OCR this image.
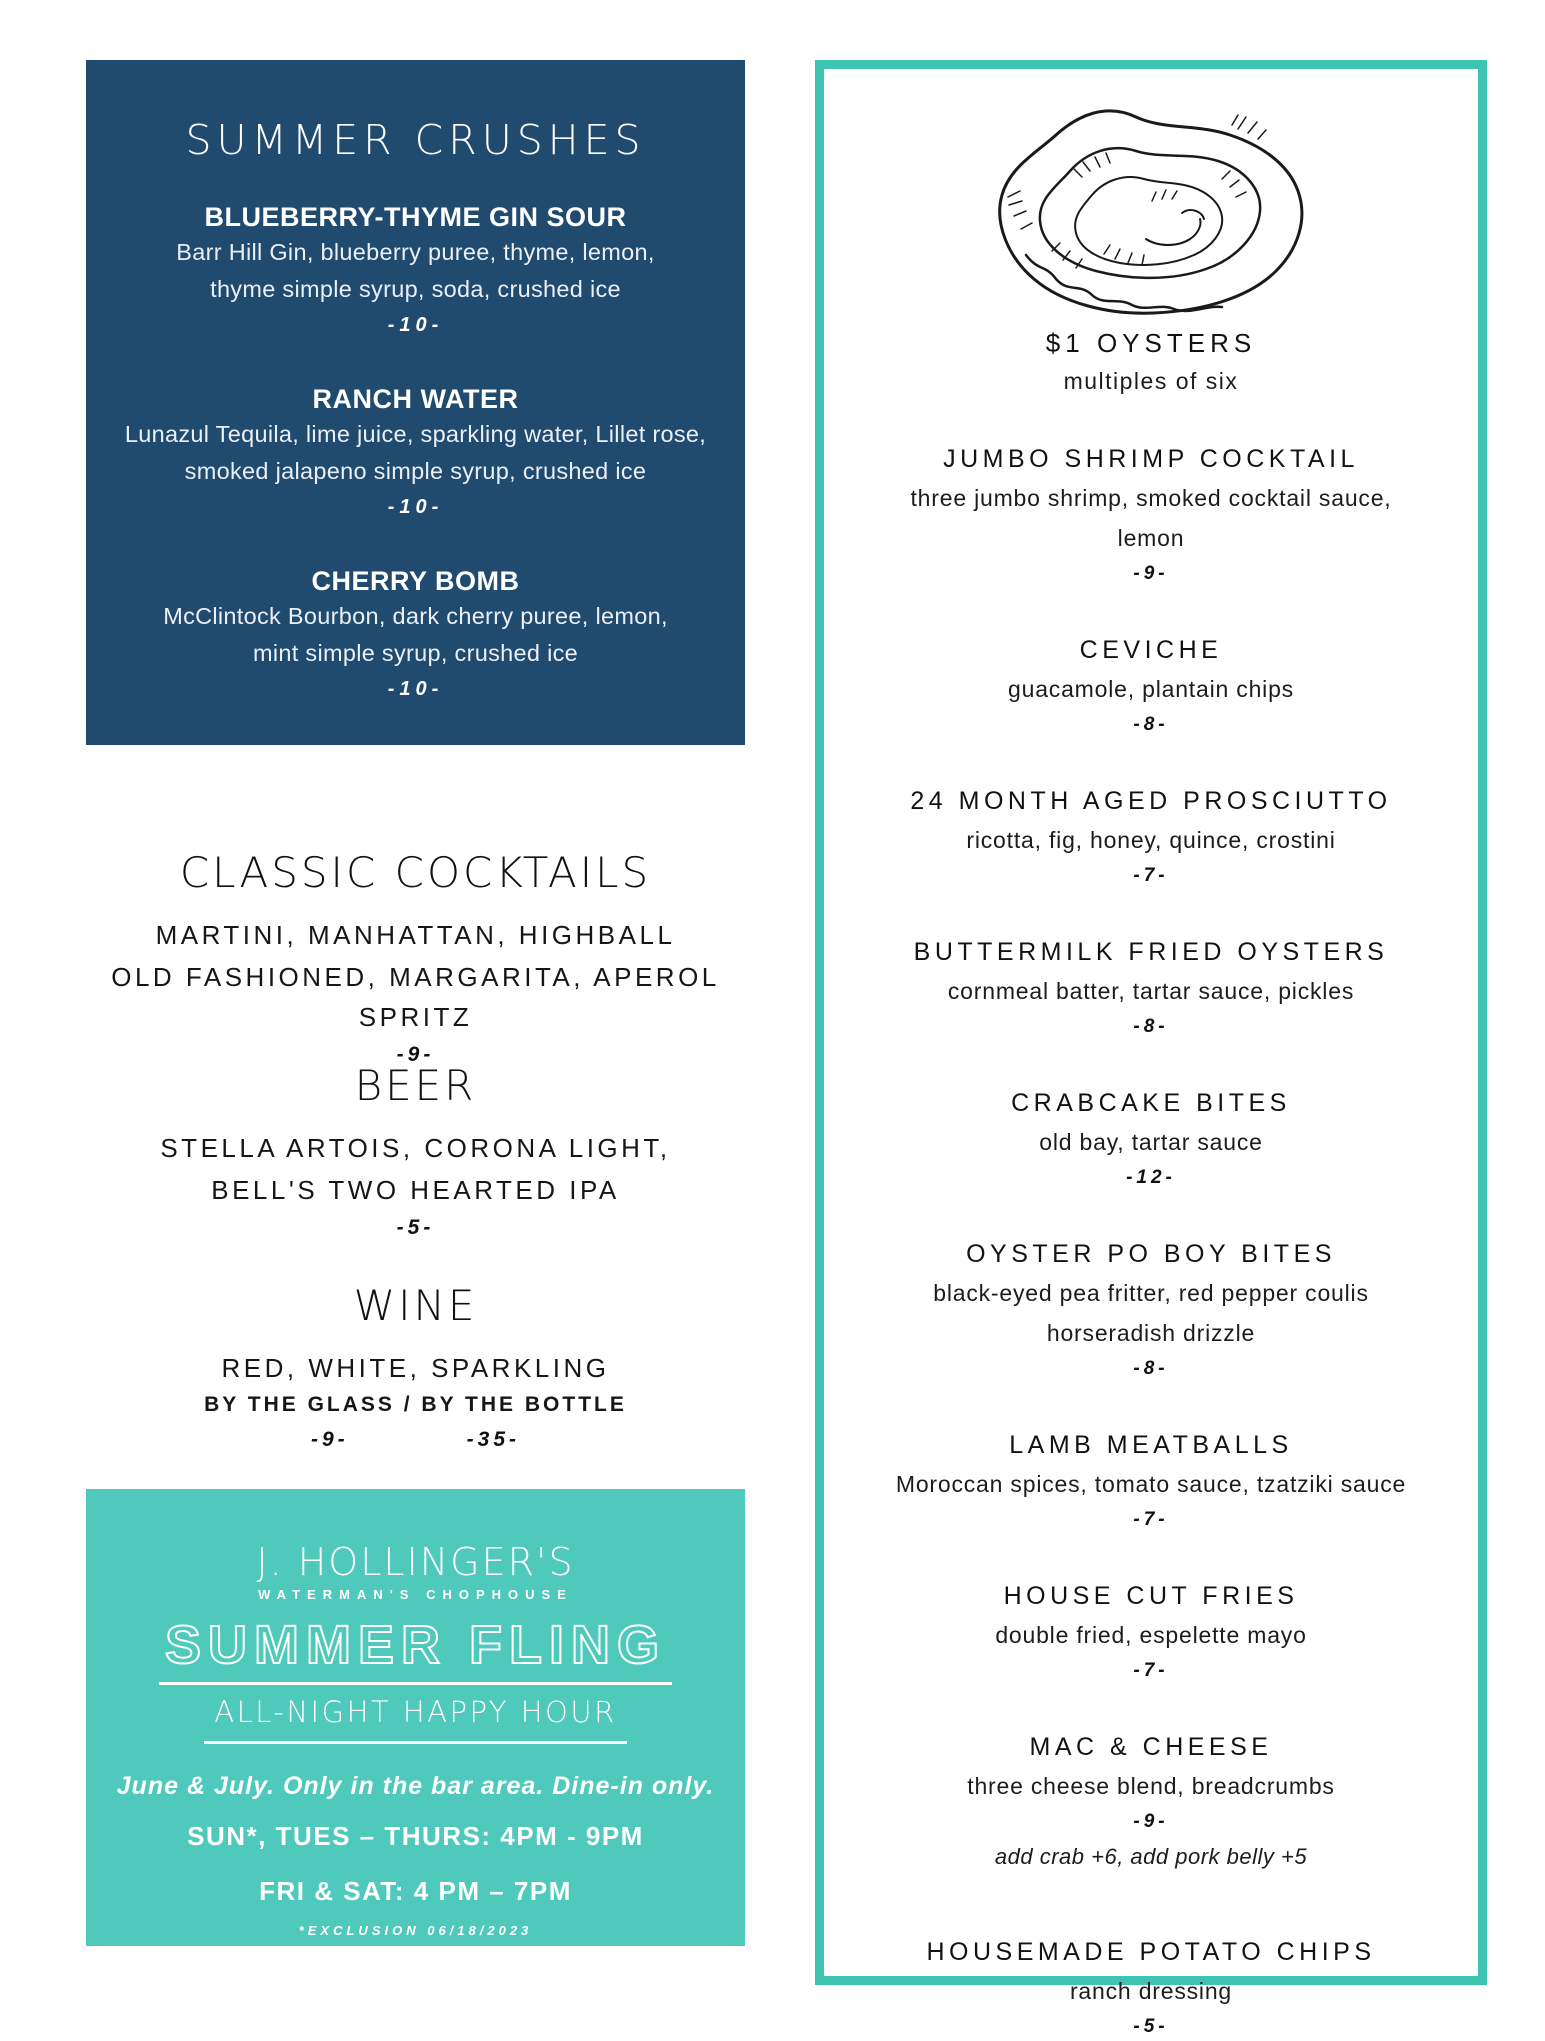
SUMMER CRUSHES
BLUEBERRY-THYME GIN SOUR
Barr Hill Gin, blueberry puree, thyme, lemon,
thyme simple syrup, soda, crushed ice
-10-
RANCH WATER
Lunazul Tequila, lime juice, sparkling water, Lillet rose,
smoked jalapeno simple syrup, crushed ice
-10-
CHERRY BOMB
McClintock Bourbon, dark cherry puree, lemon,
mint simple syrup, crushed ice
-10-
CLASSIC COCKTAILS
MARTINI, MANHATTAN, HIGHBALL
OLD FASHIONED, MARGARITA, APEROL SPRITZ
-9-
BEER
STELLA ARTOIS, CORONA LIGHT,
BELL'S TWO HEARTED IPA
-5-
WINE
RED, WHITE, SPARKLING
BY THE GLASS / BY THE BOTTLE
-9-	-35-
J. HOLLINGER'S
WATERMAN'S CHOPHOUSE
SUMMER FLING
ALL-NIGHT HAPPY HOUR
June & July. Only in the bar area. Dine-in only.
SUN*, TUES – THURS: 4PM - 9PM
FRI & SAT: 4 PM – 7PM
*EXCLUSION 06/18/2023
$1 OYSTERS
multiples of six
JUMBO SHRIMP COCKTAIL
three jumbo shrimp, smoked cocktail sauce,
lemon
-9-
CEVICHE
guacamole, plantain chips
-8-
24 MONTH AGED PROSCIUTTO
ricotta, fig, honey, quince, crostini
-7-
BUTTERMILK FRIED OYSTERS
cornmeal batter, tartar sauce, pickles
-8-
CRABCAKE BITES
old bay, tartar sauce
-12-
OYSTER PO BOY BITES
black-eyed pea fritter, red pepper coulis
horseradish drizzle
-8-
LAMB MEATBALLS
Moroccan spices, tomato sauce, tzatziki sauce
-7-
HOUSE CUT FRIES
double fried, espelette mayo
-7-
MAC & CHEESE
three cheese blend, breadcrumbs
-9-
add crab +6, add pork belly +5
HOUSEMADE POTATO CHIPS
ranch dressing
-5-
